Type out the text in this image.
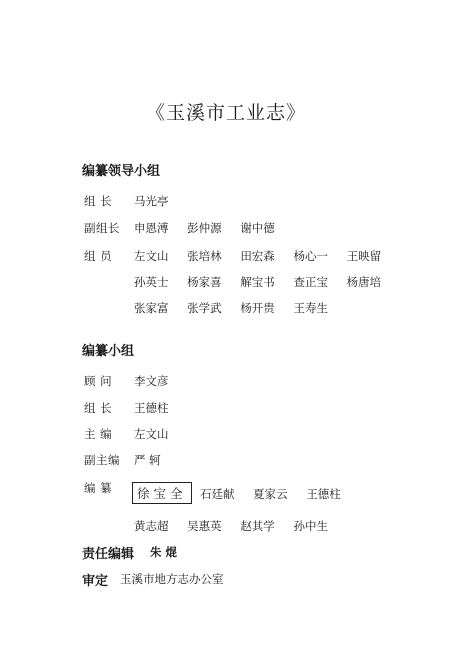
《玉溪市工业志》
编纂领导小组
组 长 马光亭
副组长 申恩溥 彭仲源 谢中德
组 员 左文山 张培林 田宏森 杨心一 王映留
孙英士 杨家喜 解宝书 查正宝 杨唐培
张家富 张学武 杨开贵 王寿生
编纂小组
顾 问 李文彦
组 长 王德柱
主 编 左文山
副主编 严 轲
编 纂	徐宝全	石廷献 夏家云 王德柱
黄志超 吴惠英 赵其学 孙中生
责任编辑 朱 焜
审定 玉溪市地方志办公室
